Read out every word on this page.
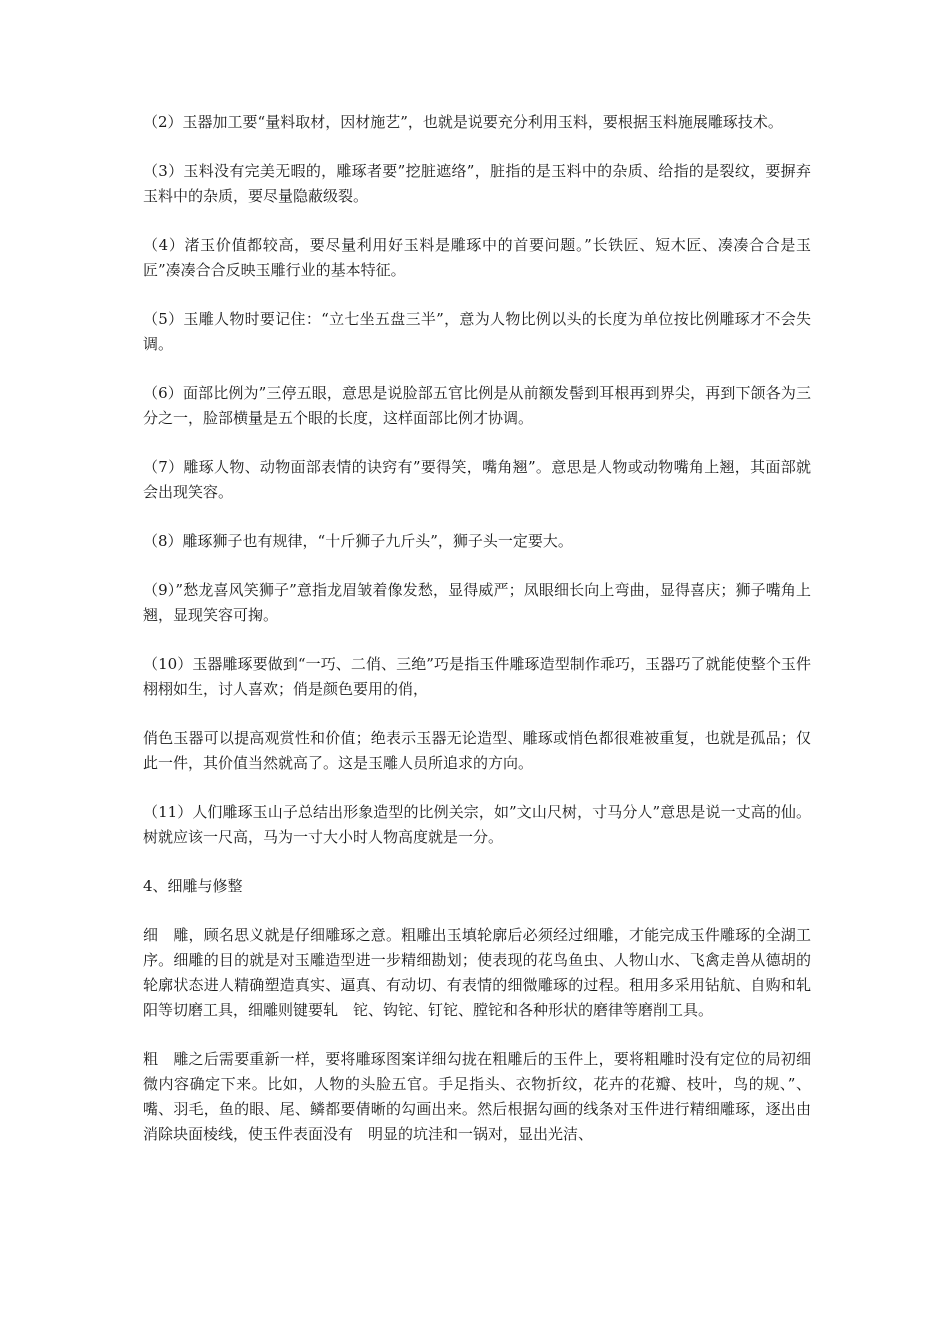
（2）玉器加工要“量料取材，因材施艺”，也就是说要充分利用玉料，要根据玉料施展雕琢技术。

（3）玉料没有完美无暇的，雕琢者要”挖脏遮络”，脏指的是玉料中的杂质、给指的是裂纹，要摒弃玉料中的杂质，要尽量隐蔽级裂。

（4）渚玉价值都较高，要尽量利用好玉料是雕琢中的首要问题。”长铁匠、短木匠、凑凑合合是玉匠”凑凑合合反映玉雕行业的基本特征。

（5）玉雕人物时要记住：“立七坐五盘三半”，意为人物比例以头的长度为单位按比例雕琢才不会失调。

（6）面部比例为”三停五眼，意思是说脸部五官比例是从前额发髻到耳根再到界尖，再到下颌各为三分之一，脸部横量是五个眼的长度，这样面部比例才协调。

（7）雕琢人物、动物面部表情的诀窍有”要得笑，嘴角翘”。意思是人物或动物嘴角上翘，其面部就会出现笑容。

（8）雕琢狮子也有规律，“十斤狮子九斤头”，狮子头一定要大。

（9）”愁龙喜风笑狮子”意指龙眉皱着像发愁，显得威严；凤眼细长向上弯曲，显得喜庆；狮子嘴角上翘，显现笑容可掬。

（10）玉器雕琢要做到“一巧、二俏、三绝”巧是指玉件雕琢造型制作乖巧，玉器巧了就能使整个玉件栩栩如生，讨人喜欢；俏是颜色要用的俏，

俏色玉器可以提高观赏性和价值；绝表示玉器无论造型、雕琢或悄色都很难被重复，也就是孤品；仅此一件，其价值当然就高了。这是玉雕人员所追求的方向。

（11）人们雕琢玉山子总结出形象造型的比例关宗，如”文山尺树，寸马分人”意思是说一丈高的仙。树就应该一尺高，马为一寸大小时人物高度就是一分。

4、细雕与修整

细　雕，顾名思义就是仔细雕琢之意。粗雕出玉填轮廓后必须经过细雕，才能完成玉件雕琢的全湖工序。细雕的目的就是对玉雕造型进一步精细勘划；使表现的花鸟鱼虫、人物山水、飞禽走兽从德胡的轮廓状态进人精确塑造真实、逼真、有动切、有表情的细微雕琢的过程。租用多采用钻航、自购和轧阳等切磨工具，细雕则键要轧　铊、钩铊、钉铊、膛铊和各种形状的磨律等磨削工具。

粗　雕之后需要重新一样，要将雕琢图案详细勾拢在粗雕后的玉件上，要将粗雕时没有定位的局初细微内容确定下来。比如，人物的头脸五官。手足指头、衣物折纹，花卉的花瓣、枝叶，鸟的规、”、嘴、羽毛，鱼的眼、尾、鳞都要倩晰的勾画出来。然后根据勾画的线条对玉件进行精细雕琢，逐出由消除块面棱线，使玉件表面没有　明显的坑洼和一锅对，显出光洁、
